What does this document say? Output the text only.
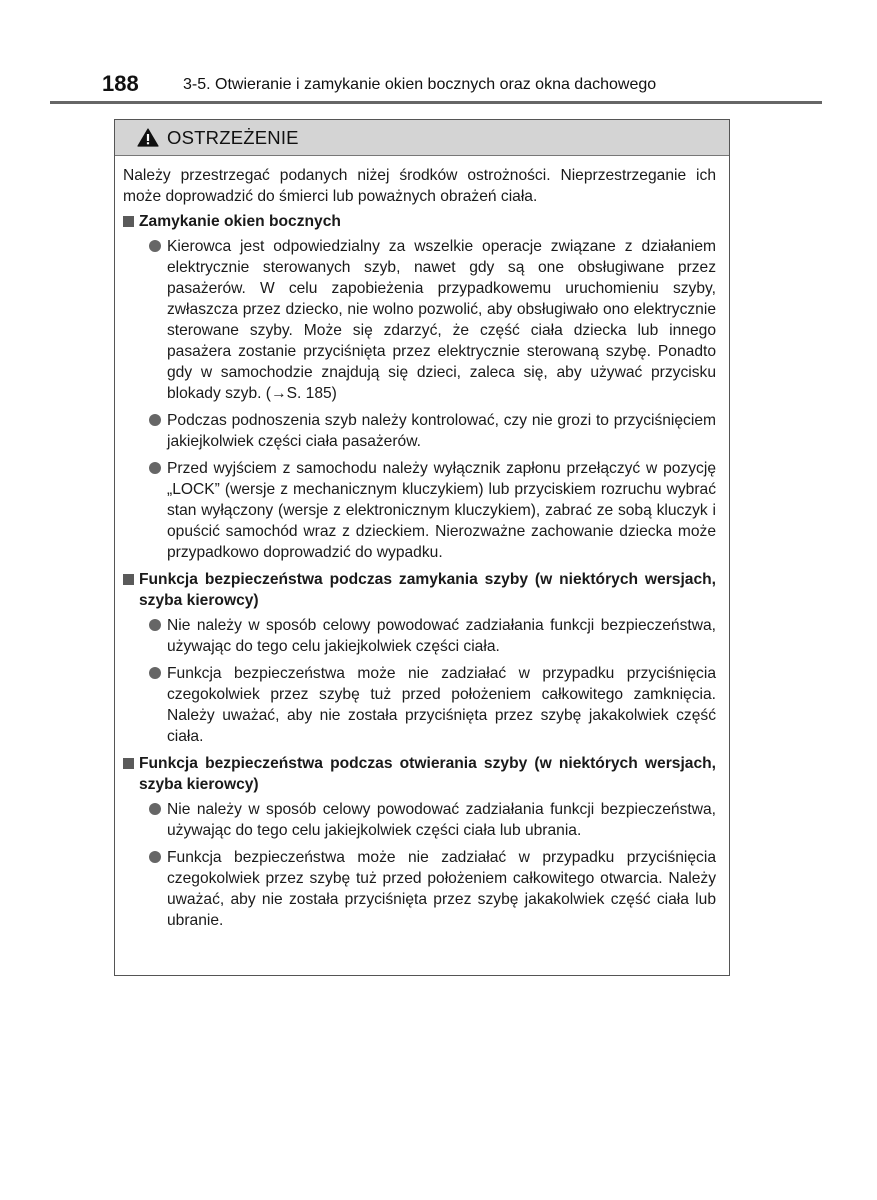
188	3-5. Otwieranie i zamykanie okien bocznych oraz okna dachowego
OSTRZEŻENIE

Należy przestrzegać podanych niżej środków ostrożności. Nieprzestrzeganie ich może doprowadzić do śmierci lub poważnych obrażeń ciała.

Zamykanie okien bocznych
Kierowca jest odpowiedzialny za wszelkie operacje związane z działaniem elektrycznie sterowanych szyb, nawet gdy są one obsługiwane przez pasażerów. W celu zapobieżenia przypadkowemu uruchomieniu szyby, zwłaszcza przez dziecko, nie wolno pozwolić, aby obsługiwało ono elektrycznie sterowane szyby. Może się zdarzyć, że część ciała dziecka lub innego pasażera zostanie przyciśnięta przez elektrycznie sterowaną szybę. Ponadto gdy w samochodzie znajdują się dzieci, zaleca się, aby używać przycisku blokady szyb. (→S. 185)
Podczas podnoszenia szyb należy kontrolować, czy nie grozi to przyciśnięciem jakiejkolwiek części ciała pasażerów.
Przed wyjściem z samochodu należy wyłącznik zapłonu przełączyć w pozycję „LOCK” (wersje z mechanicznym kluczykiem) lub przyciskiem rozruchu wybrać stan wyłączony (wersje z elektronicznym kluczykiem), zabrać ze sobą kluczyk i opuścić samochód wraz z dzieckiem. Nierozważne zachowanie dziecka może przypadkowo doprowadzić do wypadku.
Funkcja bezpieczeństwa podczas zamykania szyby (w niektórych wersjach, szyba kierowcy)
Nie należy w sposób celowy powodować zadziałania funkcji bezpieczeństwa, używając do tego celu jakiejkolwiek części ciała.
Funkcja bezpieczeństwa może nie zadziałać w przypadku przyciśnięcia czegokolwiek przez szybę tuż przed położeniem całkowitego zamknięcia. Należy uważać, aby nie została przyciśnięta przez szybę jakakolwiek część ciała.
Funkcja bezpieczeństwa podczas otwierania szyby (w niektórych wersjach, szyba kierowcy)
Nie należy w sposób celowy powodować zadziałania funkcji bezpieczeństwa, używając do tego celu jakiejkolwiek części ciała lub ubrania.
Funkcja bezpieczeństwa może nie zadziałać w przypadku przyciśnięcia czegokolwiek przez szybę tuż przed położeniem całkowitego otwarcia. Należy uważać, aby nie została przyciśnięta przez szybę jakakolwiek część ciała lub ubranie.
